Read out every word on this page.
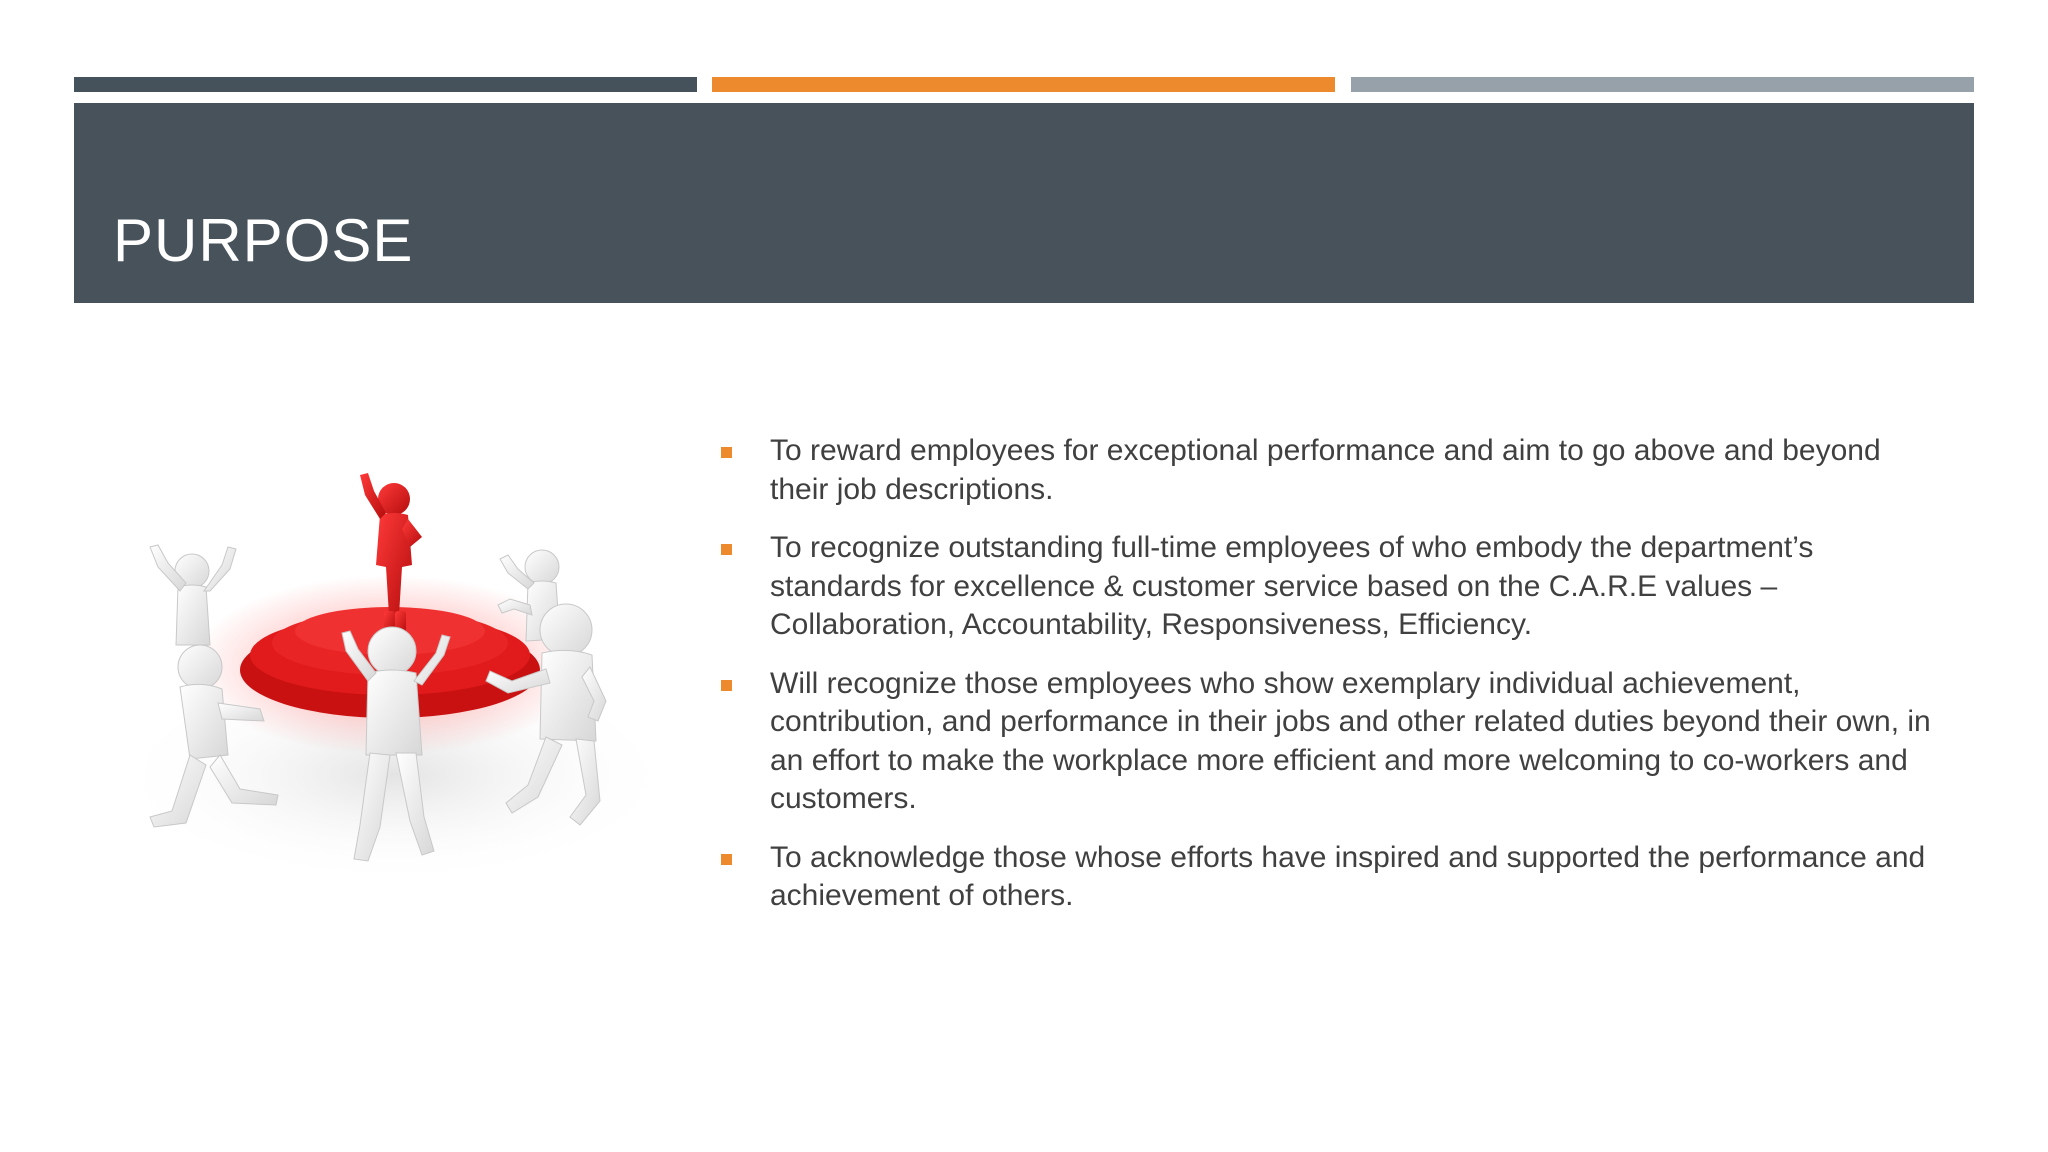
PURPOSE
To reward employees for exceptional performance and aim to go above and beyond their job descriptions.
To recognize outstanding full-time employees of who embody the department’s standards for excellence & customer service based on the C.A.R.E values – Collaboration, Accountability, Responsiveness, Efficiency.
Will recognize those employees who show exemplary individual achievement, contribution, and performance in their jobs and other related duties beyond their own, in an effort to make the workplace more efficient and more welcoming to co-workers and customers.
To acknowledge those whose efforts have inspired and supported the performance and achievement of others.
